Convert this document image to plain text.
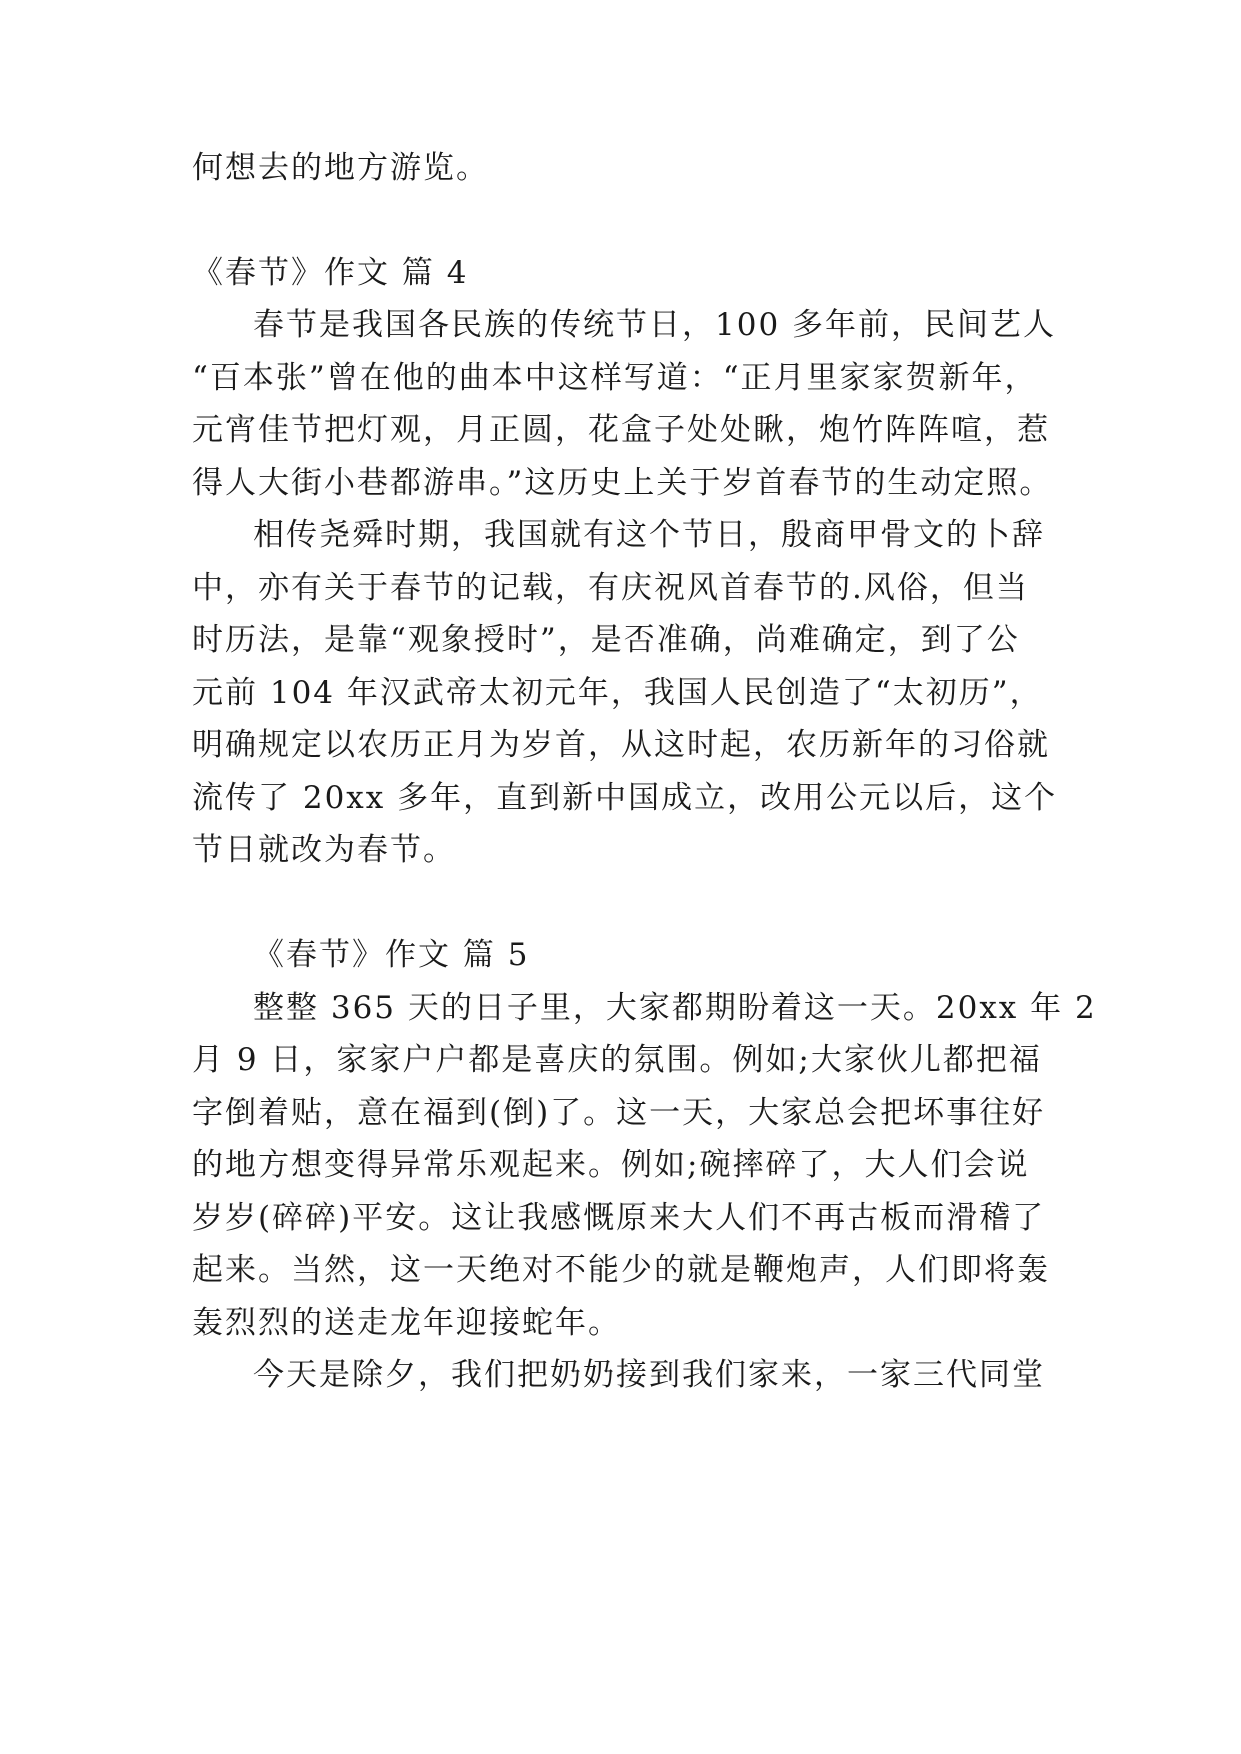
何想去的地方游览。
《春节》作文 篇 4
春节是我国各民族的传统节日，100 多年前，民间艺人
“百本张”曾在他的曲本中这样写道：“正月里家家贺新年，
元宵佳节把灯观，月正圆，花盒子处处瞅，炮竹阵阵喧，惹
得人大街小巷都游串。”这历史上关于岁首春节的生动定照。
相传尧舜时期，我国就有这个节日，殷商甲骨文的卜辞
中，亦有关于春节的记载，有庆祝风首春节的.风俗，但当
时历法，是靠“观象授时”，是否准确，尚难确定，到了公
元前 104 年汉武帝太初元年，我国人民创造了“太初历”，
明确规定以农历正月为岁首，从这时起，农历新年的习俗就
流传了 20xx 多年，直到新中国成立，改用公元以后，这个
节日就改为春节。
《春节》作文 篇 5
整整 365 天的日子里，大家都期盼着这一天。20xx 年 2
月 9 日，家家户户都是喜庆的氛围。例如;大家伙儿都把福
字倒着贴，意在福到(倒)了。这一天，大家总会把坏事往好
的地方想变得异常乐观起来。例如;碗摔碎了，大人们会说
岁岁(碎碎)平安。这让我感慨原来大人们不再古板而滑稽了
起来。当然，这一天绝对不能少的就是鞭炮声，人们即将轰
轰烈烈的送走龙年迎接蛇年。
今天是除夕，我们把奶奶接到我们家来，一家三代同堂
